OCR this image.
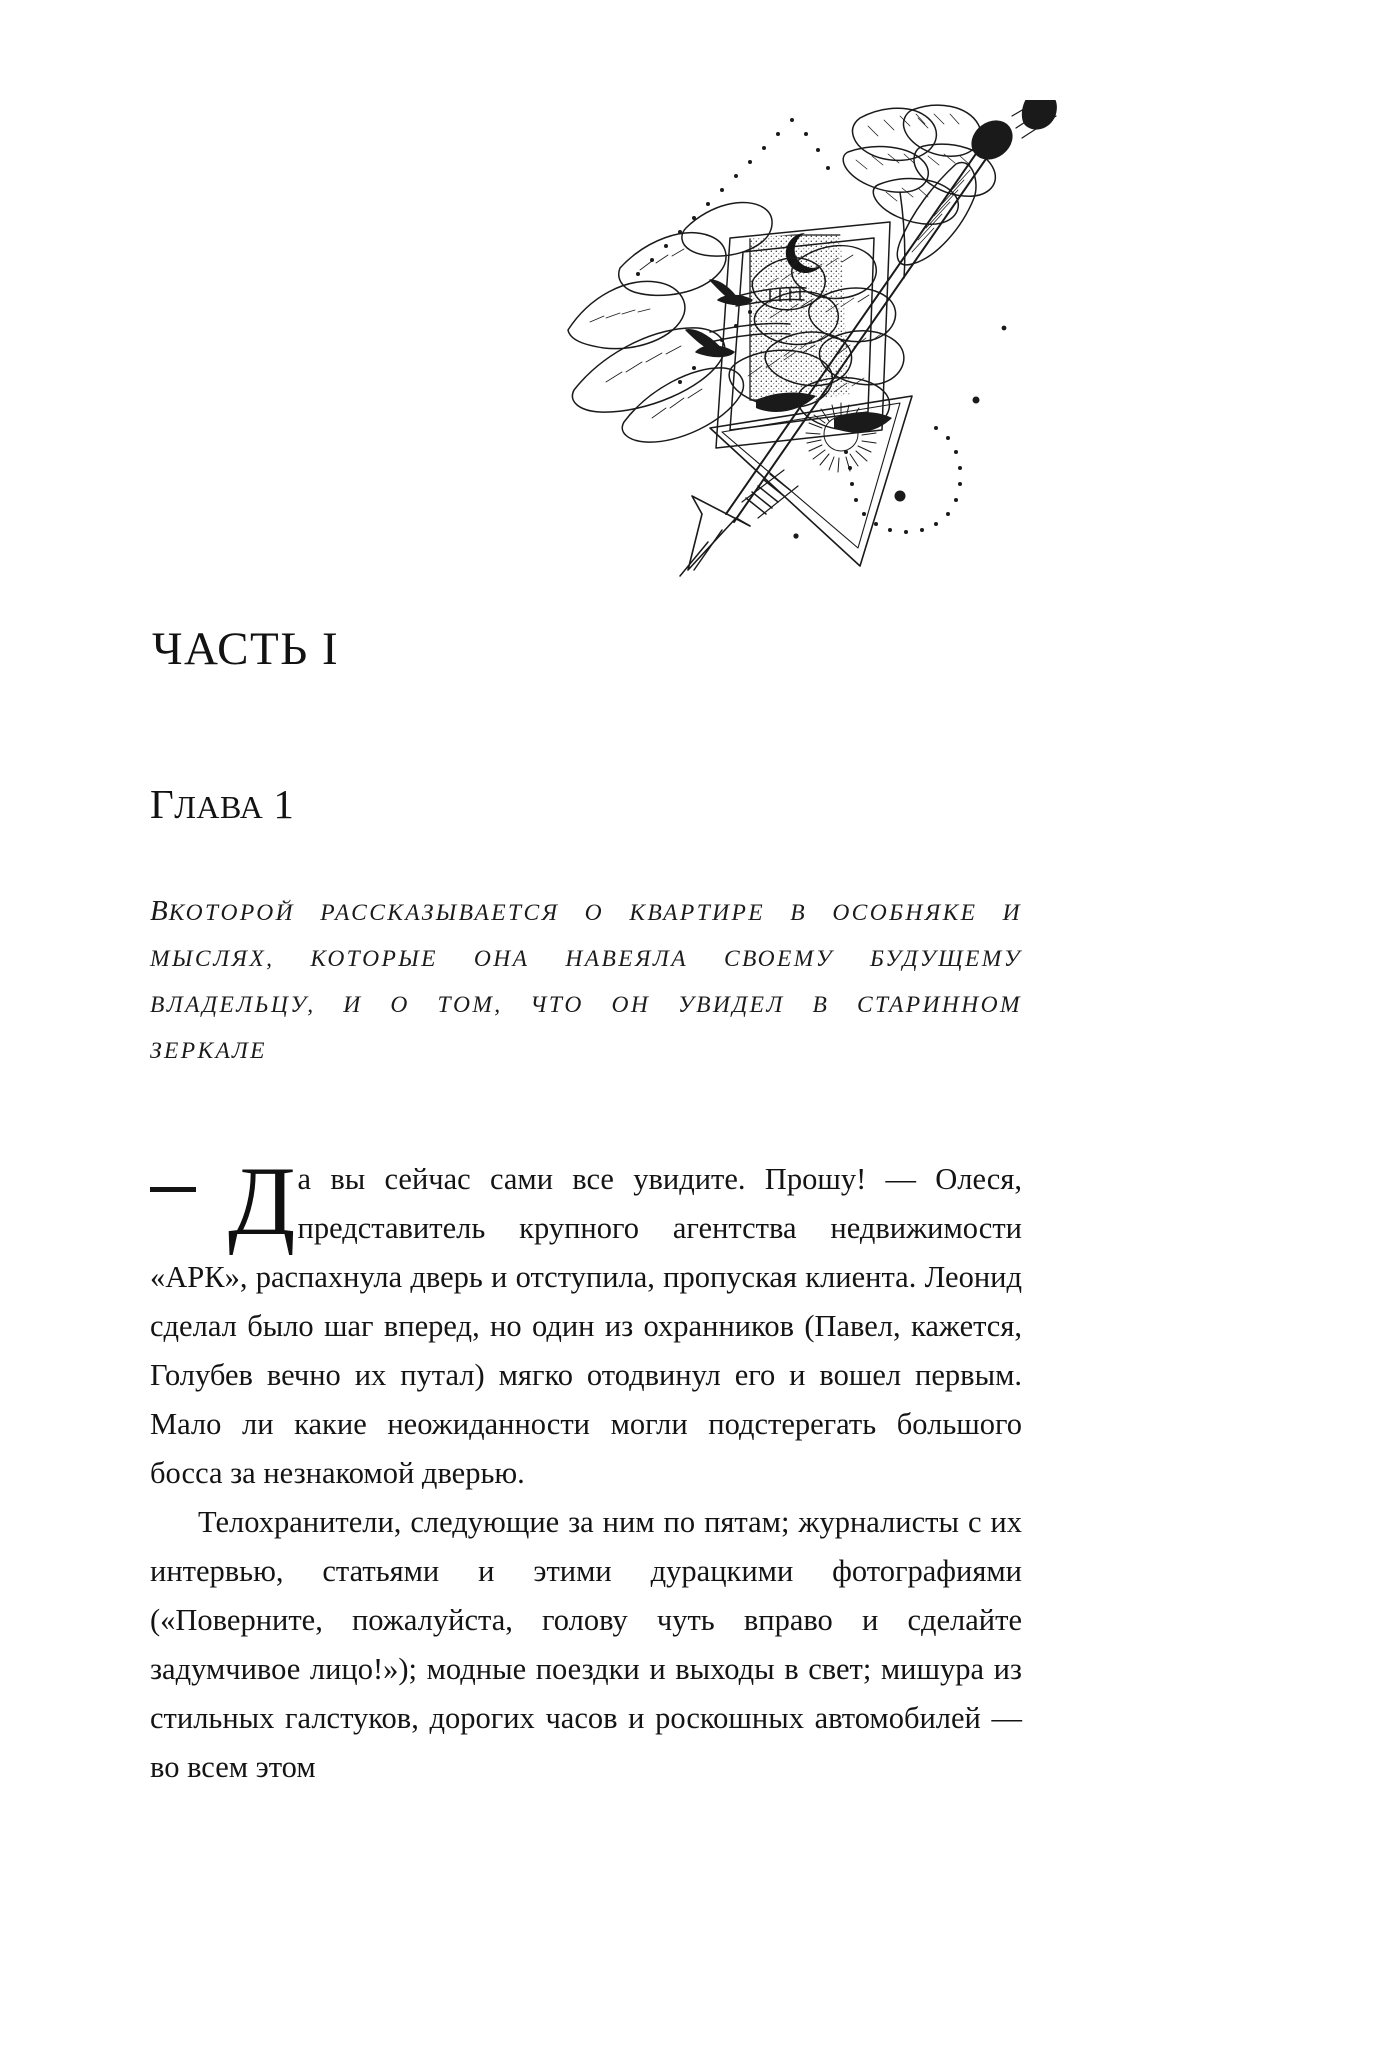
ЧАСТЬ I
ГЛАВА 1
ВКОТОРОЙ РАССКАЗЫВАЕТСЯ О КВАРТИРЕ В ОСОБНЯКЕ И МЫСЛЯХ, КОТОРЫЕ ОНА НАВЕЯЛА СВОЕМУ БУДУЩЕМУ ВЛАДЕЛЬЦУ, И О ТОМ, ЧТО ОН УВИДЕЛ В СТАРИННОМ ЗЕРКАЛЕ

Да вы сейчас сами все увидите. Прошу! — Олеся, представитель крупного агентства недвижимости «АРК», распахнула дверь и отступила, пропуская клиента. Леонид сделал было шаг вперед, но один из охранников (Павел, кажется, Голубев вечно их путал) мягко отодвинул его и вошел первым. Мало ли какие неожиданности могли подстерегать большого босса за незнакомой дверью.

Телохранители, следующие за ним по пятам; журналисты с их интервью, статьями и этими дурацкими фотографиями («Поверните, пожалуйста, голову чуть вправо и сделайте задумчивое лицо!»); модные поездки и выходы в свет; мишура из стильных галстуков, дорогих часов и роскошных автомобилей — во всем этом
